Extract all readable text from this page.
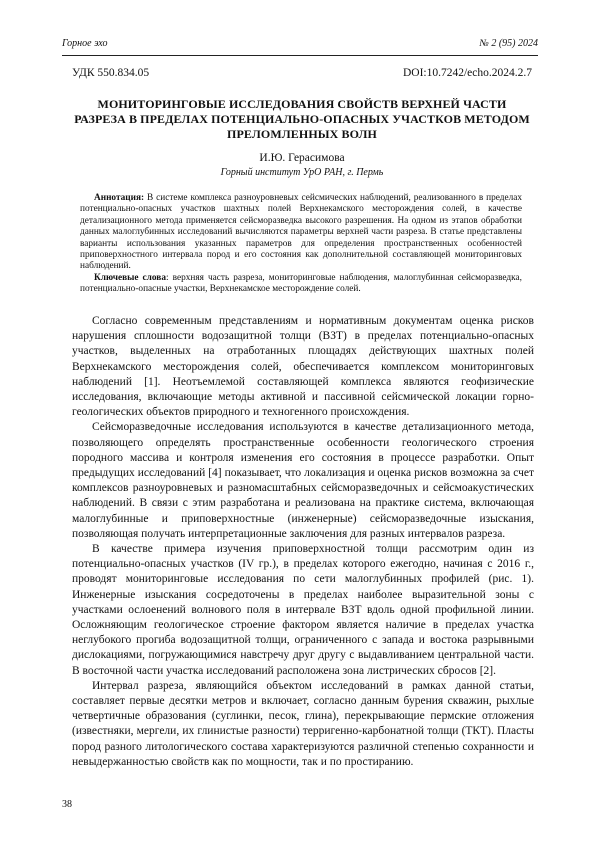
Горное эхо	№ 2 (95) 2024
УДК 550.834.05	DOI:10.7242/echo.2024.2.7
МОНИТОРИНГОВЫЕ ИССЛЕДОВАНИЯ СВОЙСТВ ВЕРХНЕЙ ЧАСТИ РАЗРЕЗА В ПРЕДЕЛАХ ПОТЕНЦИАЛЬНО-ОПАСНЫХ УЧАСТКОВ МЕТОДОМ ПРЕЛОМЛЕННЫХ ВОЛН
И.Ю. Герасимова
Горный институт УрО РАН, г. Пермь

Аннотация: В системе комплекса разноуровневых сейсмических наблюдений, реализованного в пределах потенциально-опасных участков шахтных полей Верхнекамского месторождения солей, в качестве детализационного метода применяется сейсморазведка высокого разрешения. На одном из этапов обработки данных малоглубинных исследований вычисляются параметры верхней части разреза. В статье представлены варианты использования указанных параметров для определения пространственных особенностей приповерхностного интервала пород и его состояния как дополнительной составляющей мониторинговых наблюдений.

Ключевые слова: верхняя часть разреза, мониторинговые наблюдения, малоглубинная сейсморазведка, потенциально-опасные участки, Верхнекамское месторождение солей.

Согласно современным представлениям и нормативным документам оценка рисков нарушения сплошности водозащитной толщи (ВЗТ) в пределах потенциально-опасных участков, выделенных на отработанных площадях действующих шахтных полей Верхнекамского месторождения солей, обеспечивается комплексом мониторинговых наблюдений [1]. Неотъемлемой составляющей комплекса являются геофизические исследования, включающие методы активной и пассивной сейсмической локации горно-геологических объектов природного и техногенного происхождения.

Сейсморазведочные исследования используются в качестве детализационного метода, позволяющего определять пространственные особенности геологического строения породного массива и контроля изменения его состояния в процессе разработки. Опыт предыдущих исследований [4] показывает, что локализация и оценка рисков возможна за счет комплексов разноуровневых и разномасштабных сейсморазведочных и сейсмоакустических наблюдений. В связи с этим разработана и реализована на практике система, включающая малоглубинные и приповерхностные (инженерные) сейсморазведочные изыскания, позволяющая получать интерпретационные заключения для разных интервалов разреза.

В качестве примера изучения приповерхностной толщи рассмотрим один из потенциально-опасных участков (IV гр.), в пределах которого ежегодно, начиная с 2016 г., проводят мониторинговые исследования по сети малоглубинных профилей (рис. 1). Инженерные изыскания сосредоточены в пределах наиболее выразительной зоны с участками ослоенений волнового поля в интервале ВЗТ вдоль одной профильной линии. Осложняющим геологическое строение фактором является наличие в пределах участка неглубокого прогиба водозащитной толщи, ограниченного с запада и востока разрывными дислокациями, погружающимися навстречу друг другу с выдавливанием центральной части. В восточной части участка исследований расположена зона листрических сбросов [2].

Интервал разреза, являющийся объектом исследований в рамках данной статьи, составляет первые десятки метров и включает, согласно данным бурения скважин, рыхлые четвертичные образования (суглинки, песок, глина), перекрывающие пермские отложения (известняки, мергели, их глинистые разности) терригенно-карбонатной толщи (ТКТ). Пласты пород разного литологического состава характеризуются различной степенью сохранности и невыдержанностью свойств как по мощности, так и по простиранию.

38
